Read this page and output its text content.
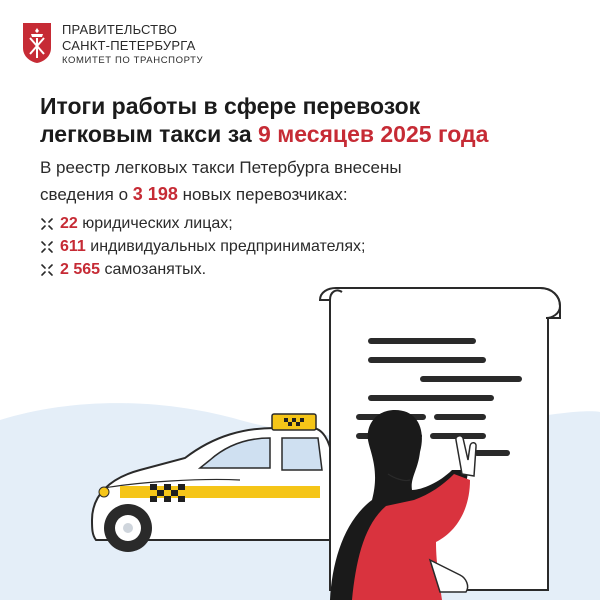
ПРАВИТЕЛЬСТВО
САНКТ-ПЕТЕРБУРГА
КОМИТЕТ ПО ТРАНСПОРТУ
Итоги работы в сфере перевозок
легковым такси за 9 месяцев 2025 года
В реестр легковых такси Петербурга внесены
сведения о 3 198 новых перевозчиках:
22 юридических лицах;
611 индивидуальных предпринимателях;
2 565 самозанятых.
